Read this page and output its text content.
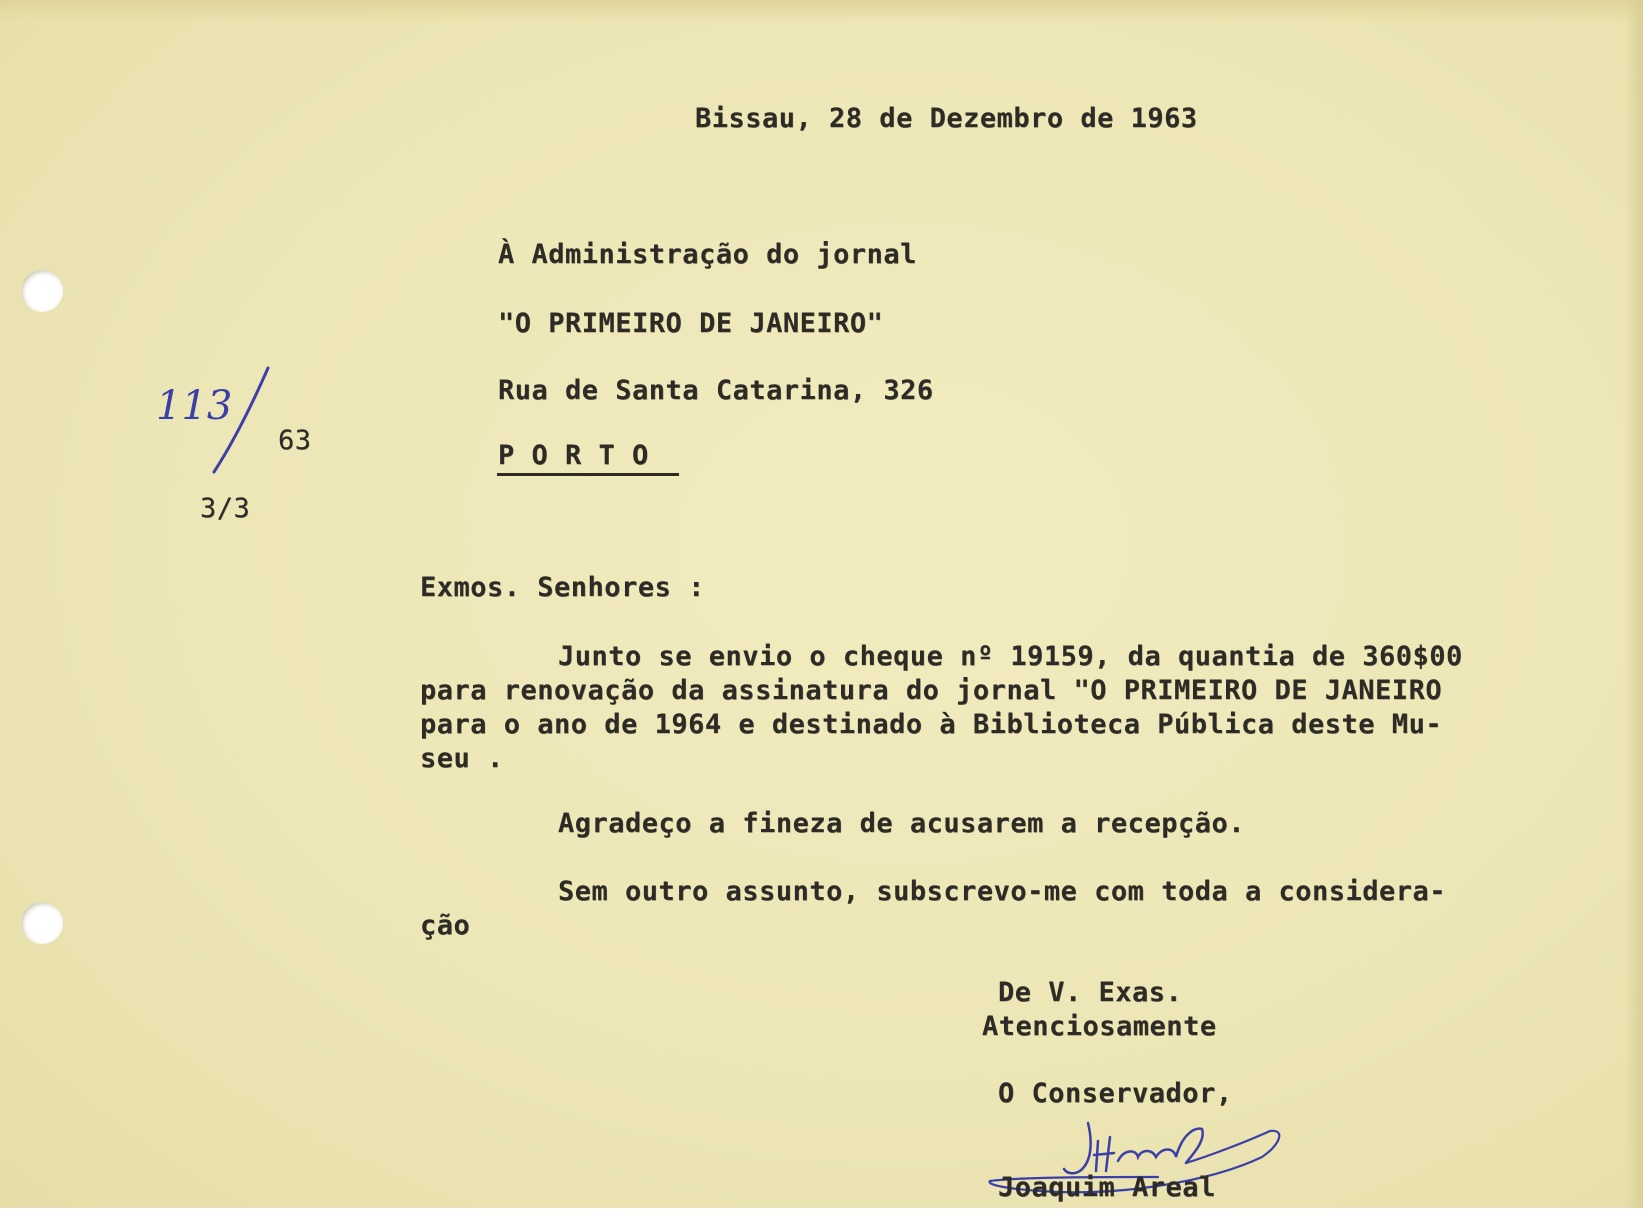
Bissau, 28 de Dezembro de 1963
À Administração do jornal
"O PRIMEIRO DE JANEIRO"
Rua de Santa Catarina, 326
P O R T O
113
63
3/3
Exmos. Senhores :
Junto se envio o cheque nº 19159, da quantia de 360$00
para renovação da assinatura do jornal "O PRIMEIRO DE JANEIRO
para o ano de 1964 e destinado à Biblioteca Pública deste Mu-
seu .
Agradeço a fineza de acusarem a recepção.
Sem outro assunto, subscrevo-me com toda a considera-
ção
De V. Exas.
Atenciosamente
O Conservador,
Joaquim Areal
